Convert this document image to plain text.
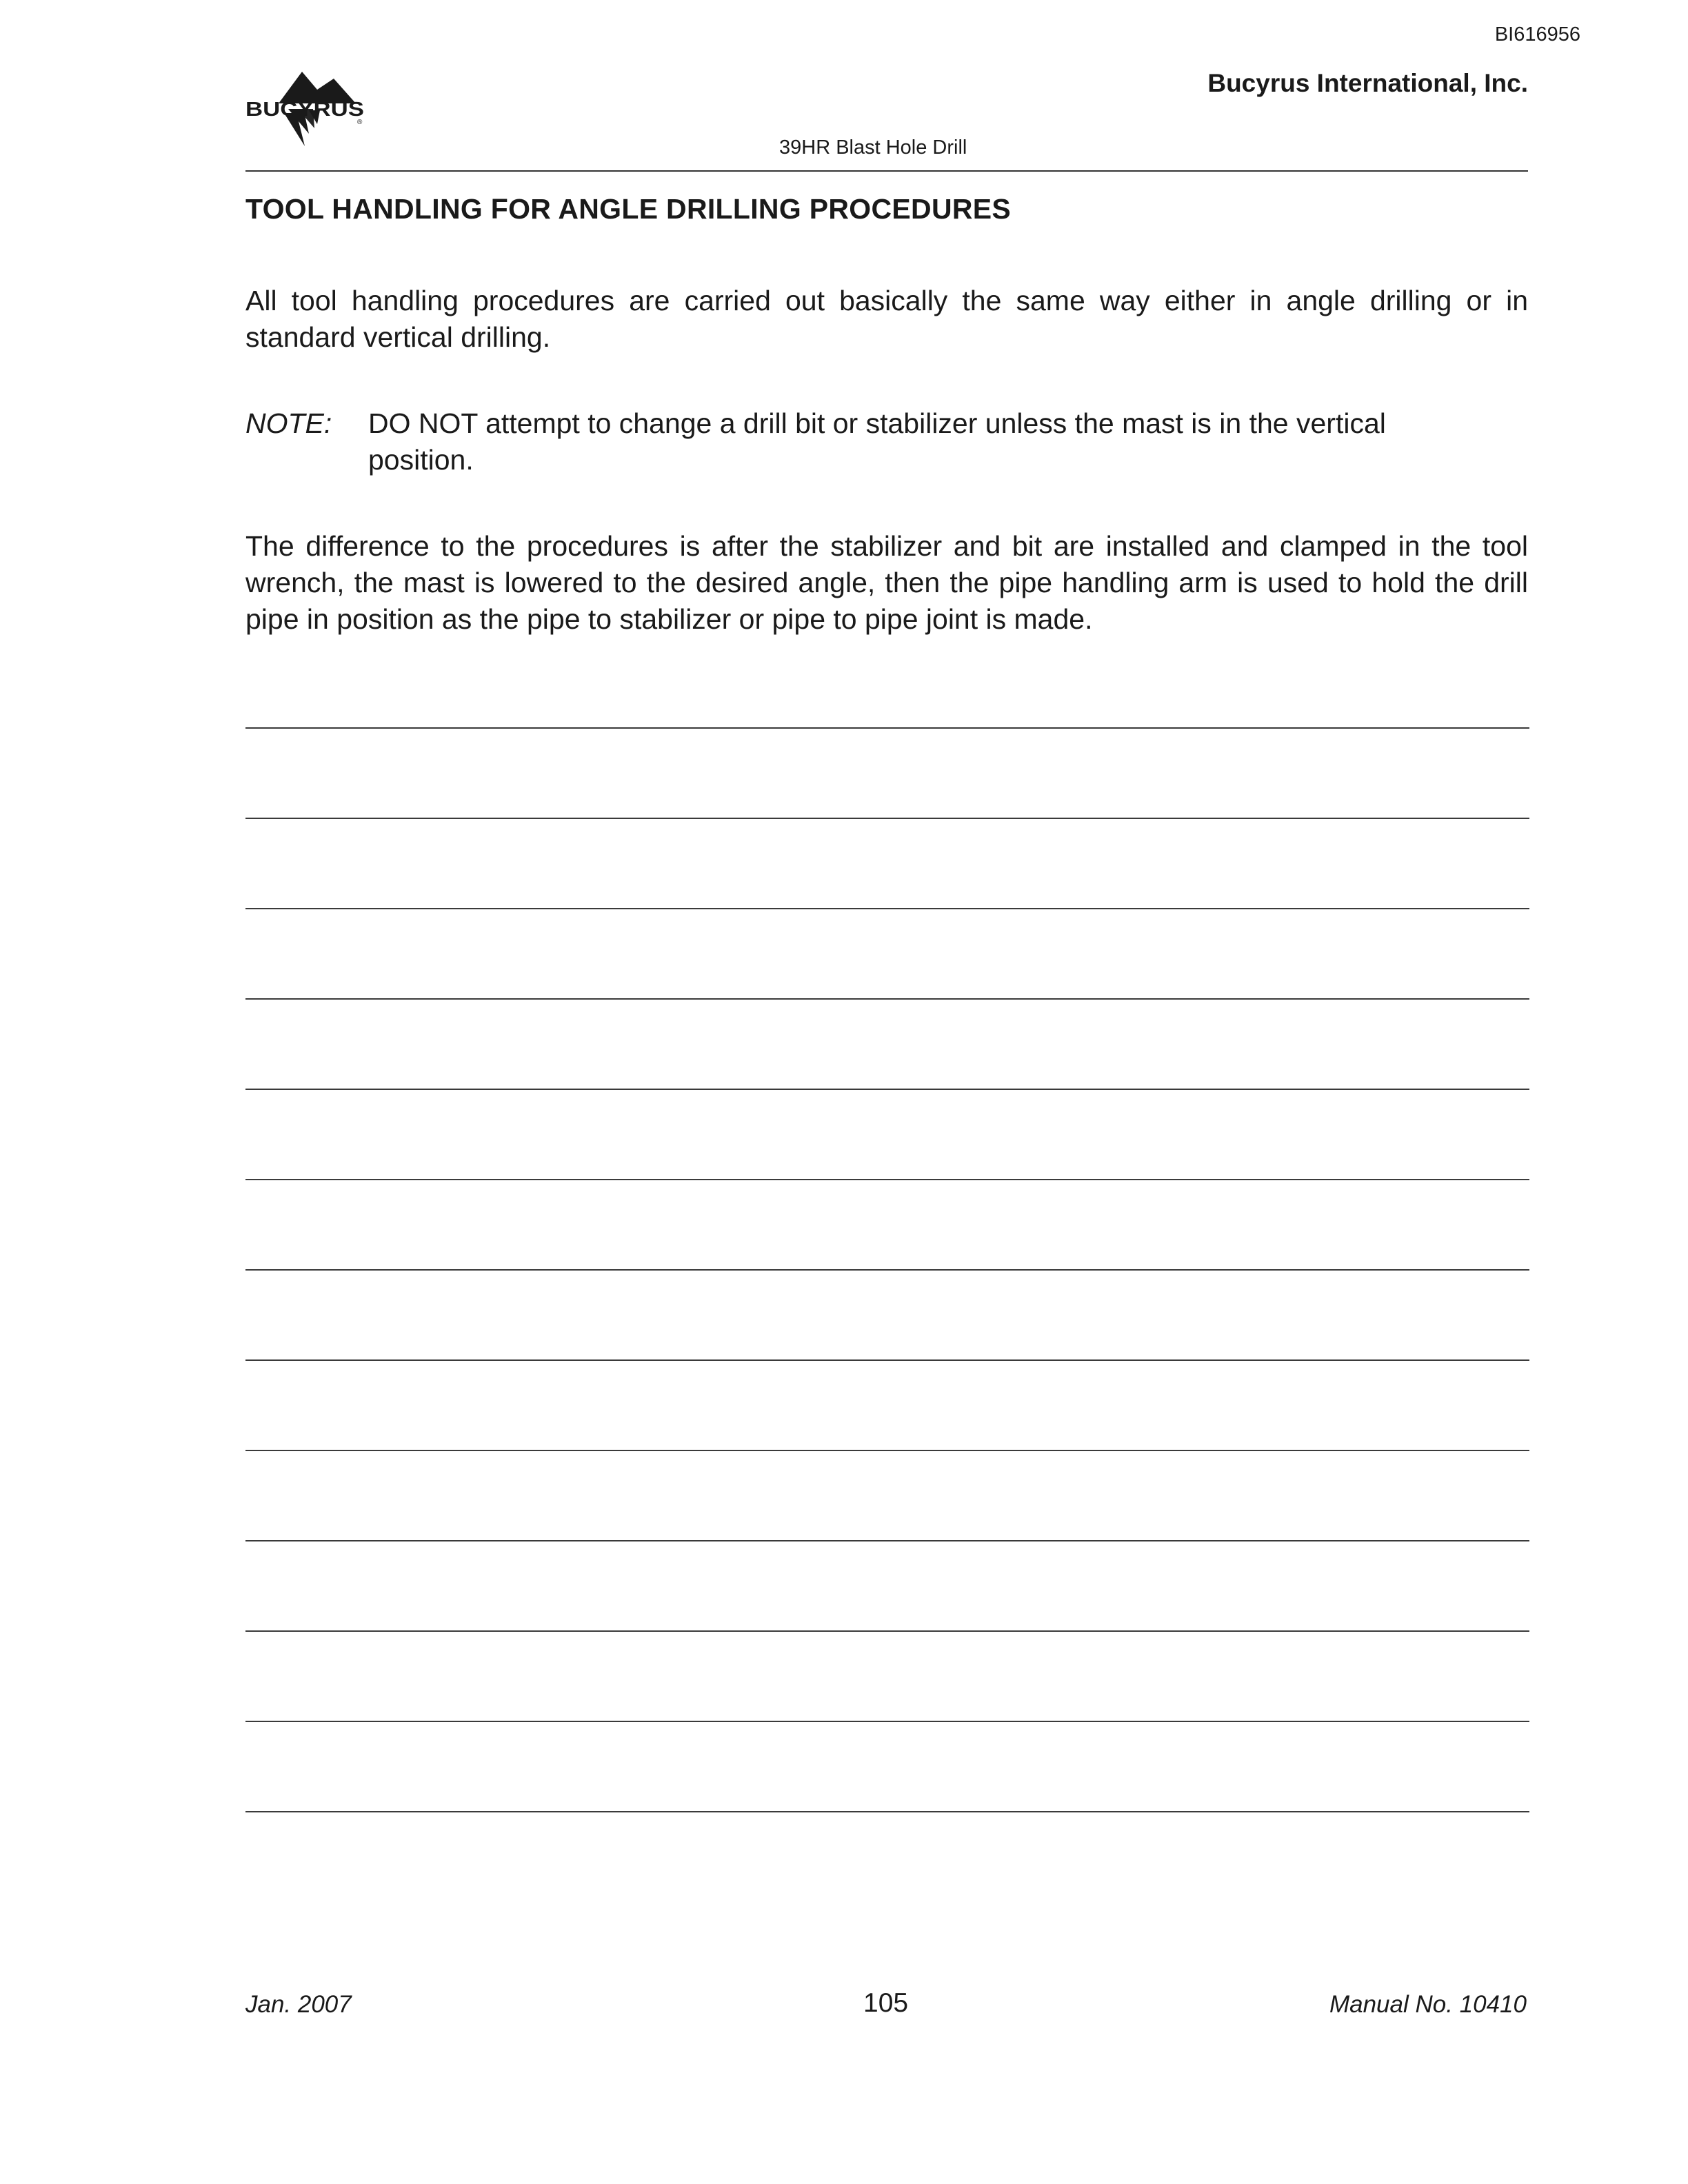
BI616956
BUCYRUS
®
Bucyrus International, Inc.
39HR Blast Hole Drill
TOOL HANDLING FOR ANGLE DRILLING PROCEDURES
All tool handling procedures are carried out basically the same way either in angle drilling or in standard vertical drilling.
NOTE: DO NOT attempt to change a drill bit or stabilizer unless the mast is in the vertical position.
The difference to the procedures is after the stabilizer and bit are installed and clamped in the tool wrench, the mast is lowered to the desired angle, then the pipe handling arm is used to hold the drill pipe in position as the pipe to stabilizer or pipe to pipe joint is made.
Jan. 2007	105	Manual No. 10410
